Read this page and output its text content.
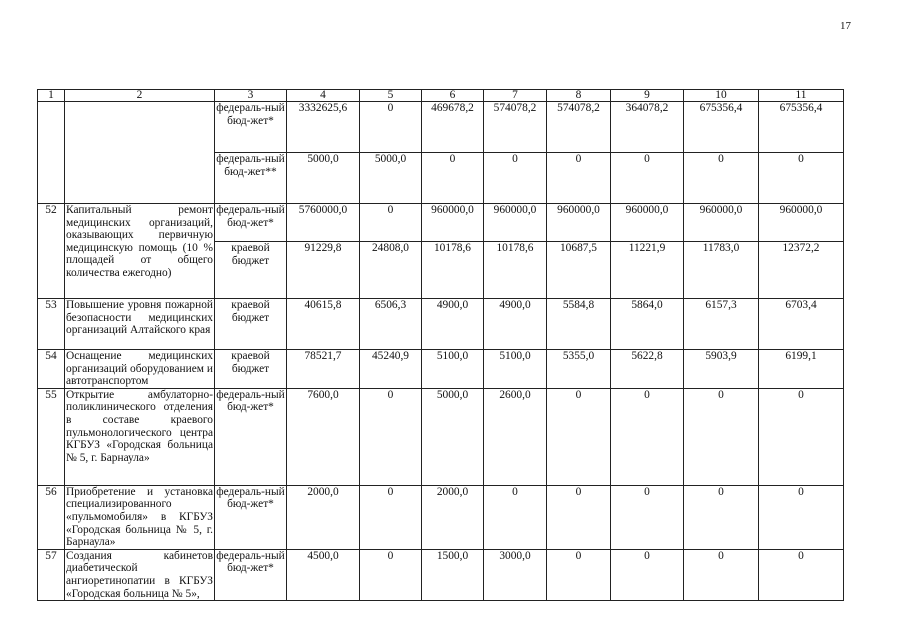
17
1	2	3	4	5	6	7	8	9	10	11
		федераль-ный бюд-жет*	3332625,6	0	469678,2	574078,2	574078,2	364078,2	675356,4	675356,4
		федераль-ный бюд-жет**	5000,0	5000,0	0	0	0	0	0	0
52	Капитальный ремонт медицинских организаций, оказывающих первичную медицинскую помощь (10 % площадей от общего количества ежегодно)	федераль-ный бюд-жет*	5760000,0	0	960000,0	960000,0	960000,0	960000,0	960000,0	960000,0
		краевой бюджет	91229,8	24808,0	10178,6	10178,6	10687,5	11221,9	11783,0	12372,2
53	Повышение уровня пожарной безопасности медицинских организаций Алтайского края	краевой бюджет	40615,8	6506,3	4900,0	4900,0	5584,8	5864,0	6157,3	6703,4
54	Оснащение медицинских организаций оборудованием и автотранспортом	краевой бюджет	78521,7	45240,9	5100,0	5100,0	5355,0	5622,8	5903,9	6199,1
55	Открытие амбулаторно-поликлинического отделения в составе краевого пульмонологического центра КГБУЗ «Городская больница № 5, г. Барнаула»	федераль-ный бюд-жет*	7600,0	0	5000,0	2600,0	0	0	0	0
56	Приобретение и установка специализированного «пульмомобиля» в КГБУЗ «Городская больница № 5, г. Барнаула»	федераль-ный бюд-жет*	2000,0	0	2000,0	0	0	0	0	0
57	Создания кабинетов диабетической ангиоретинопатии в КГБУЗ «Городская больница № 5»,	федераль-ный бюд-жет*	4500,0	0	1500,0	3000,0	0	0	0	0
